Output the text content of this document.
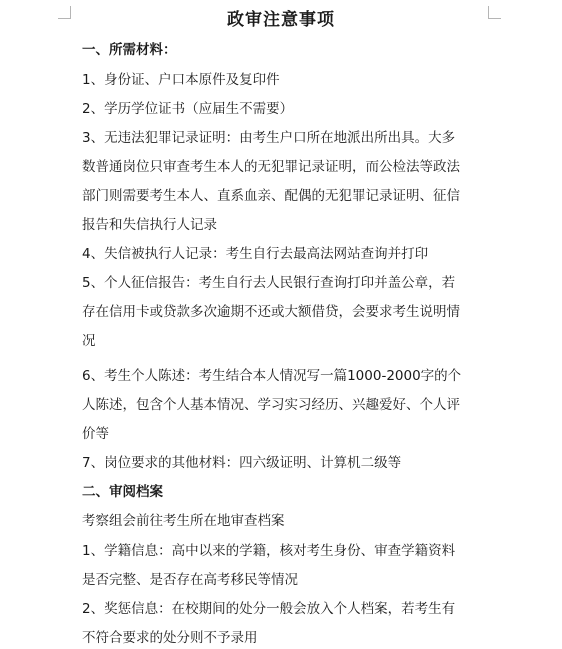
政审注意事项
一、所需材料：
1、身份证、户口本原件及复印件
2、学历学位证书（应届生不需要）
3、无违法犯罪记录证明：由考生户口所在地派出所出具。大多
数普通岗位只审查考生本人的无犯罪记录证明，而公检法等政法
部门则需要考生本人、直系血亲、配偶的无犯罪记录证明、征信
报告和失信执行人记录
4、失信被执行人记录：考生自行去最高法网站查询并打印
5、个人征信报告：考生自行去人民银行查询打印并盖公章，若
存在信用卡或贷款多次逾期不还或大额借贷，会要求考生说明情
况
6、考生个人陈述：考生结合本人情况写一篇1000-2000字的个
人陈述，包含个人基本情况、学习实习经历、兴趣爱好、个人评
价等
7、岗位要求的其他材料：四六级证明、计算机二级等
二、审阅档案
考察组会前往考生所在地审查档案
1、学籍信息：高中以来的学籍，核对考生身份、审查学籍资料
是否完整、是否存在高考移民等情况
2、奖惩信息：在校期间的处分一般会放入个人档案，若考生有
不符合要求的处分则不予录用
